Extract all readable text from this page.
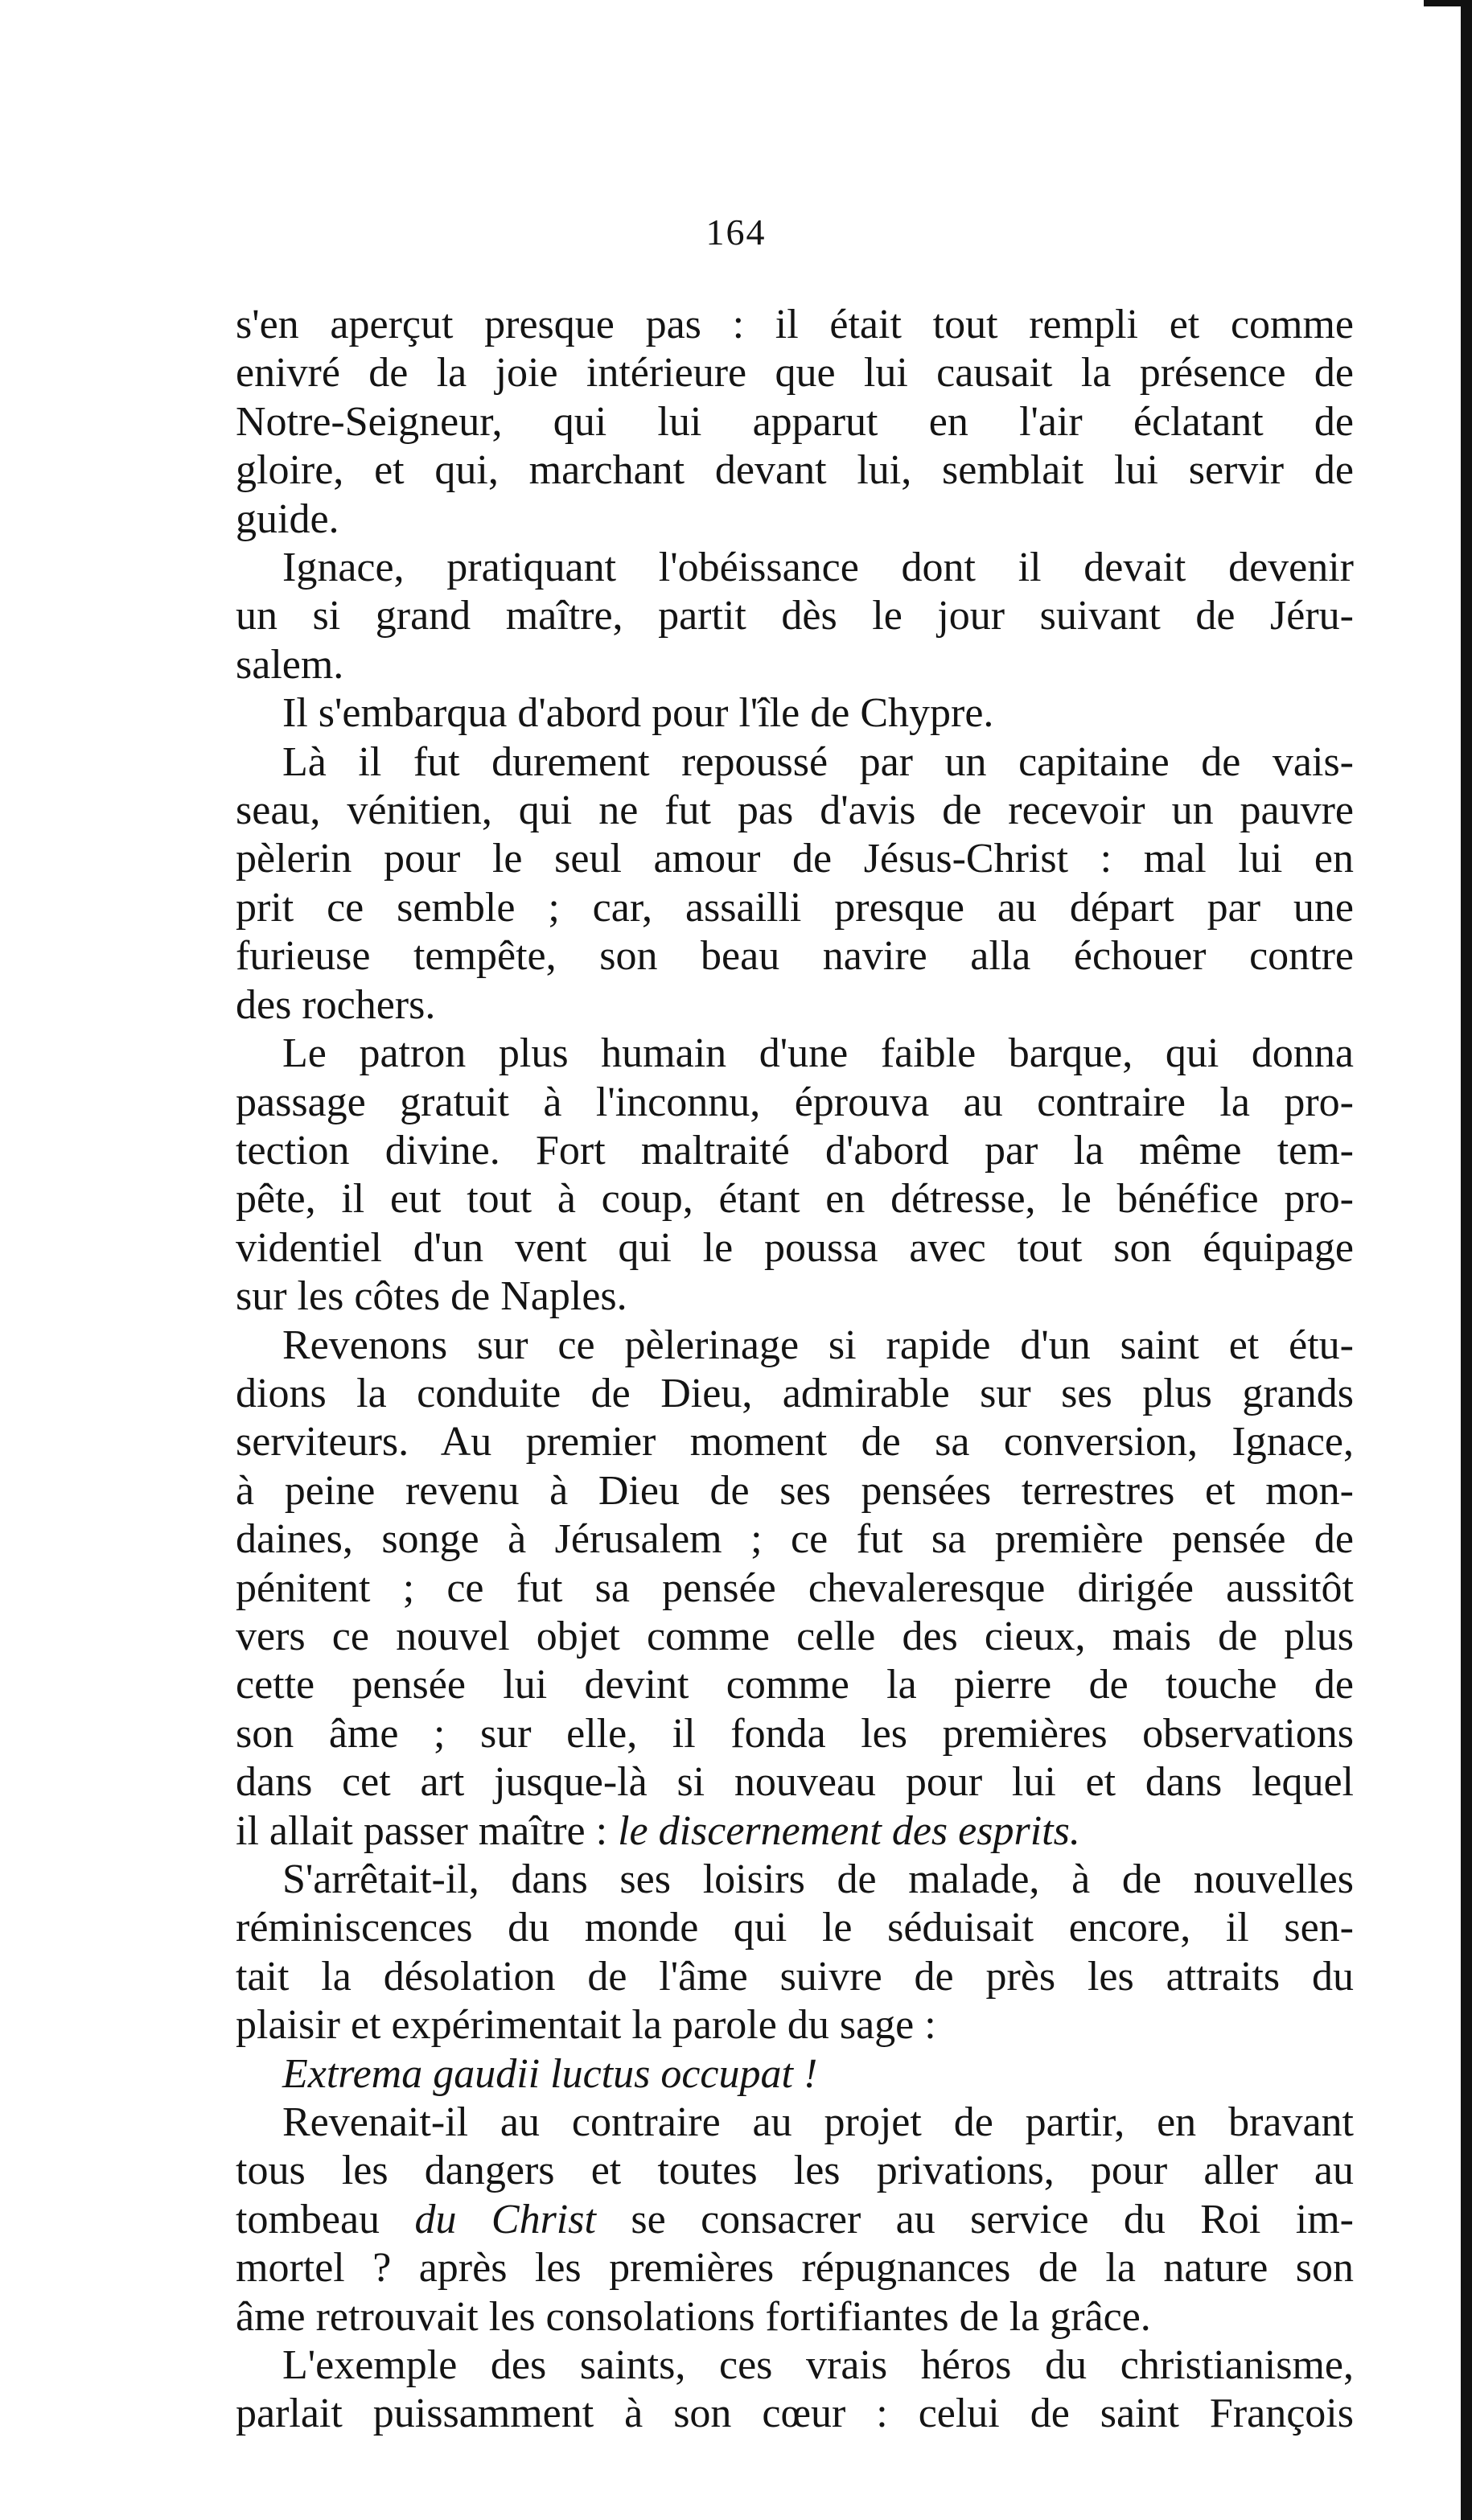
164
s'en aperçut presque pas : il était tout rempli et comme
enivré de la joie intérieure que lui causait la présence de
Notre-Seigneur, qui lui apparut en l'air éclatant de
gloire, et qui, marchant devant lui, semblait lui servir de
guide.
Ignace, pratiquant l'obéissance dont il devait devenir
un si grand maître, partit dès le jour suivant de Jéru-
salem.
Il s'embarqua d'abord pour l'île de Chypre.
Là il fut durement repoussé par un capitaine de vais-
seau, vénitien, qui ne fut pas d'avis de recevoir un pauvre
pèlerin pour le seul amour de Jésus-Christ : mal lui en
prit ce semble ; car, assailli presque au départ par une
furieuse tempête, son beau navire alla échouer contre
des rochers.
Le patron plus humain d'une faible barque, qui donna
passage gratuit à l'inconnu, éprouva au contraire la pro-
tection divine. Fort maltraité d'abord par la même tem-
pête, il eut tout à coup, étant en détresse, le bénéfice pro-
videntiel d'un vent qui le poussa avec tout son équipage
sur les côtes de Naples.
Revenons sur ce pèlerinage si rapide d'un saint et étu-
dions la conduite de Dieu, admirable sur ses plus grands
serviteurs. Au premier moment de sa conversion, Ignace,
à peine revenu à Dieu de ses pensées terrestres et mon-
daines, songe à Jérusalem ; ce fut sa première pensée de
pénitent ; ce fut sa pensée chevaleresque dirigée aussitôt
vers ce nouvel objet comme celle des cieux, mais de plus
cette pensée lui devint comme la pierre de touche de
son âme ; sur elle, il fonda les premières observations
dans cet art jusque-là si nouveau pour lui et dans lequel
il allait passer maître : le discernement des esprits.
S'arrêtait-il, dans ses loisirs de malade, à de nouvelles
réminiscences du monde qui le séduisait encore, il sen-
tait la désolation de l'âme suivre de près les attraits du
plaisir et expérimentait la parole du sage :

Extrema gaudii luctus occupat !

Revenait-il au contraire au projet de partir, en bravant
tous les dangers et toutes les privations, pour aller au
tombeau du Christ se consacrer au service du Roi im-
mortel ? après les premières répugnances de la nature son
âme retrouvait les consolations fortifiantes de la grâce.
L'exemple des saints, ces vrais héros du christianisme,
parlait puissamment à son cœur : celui de saint François
